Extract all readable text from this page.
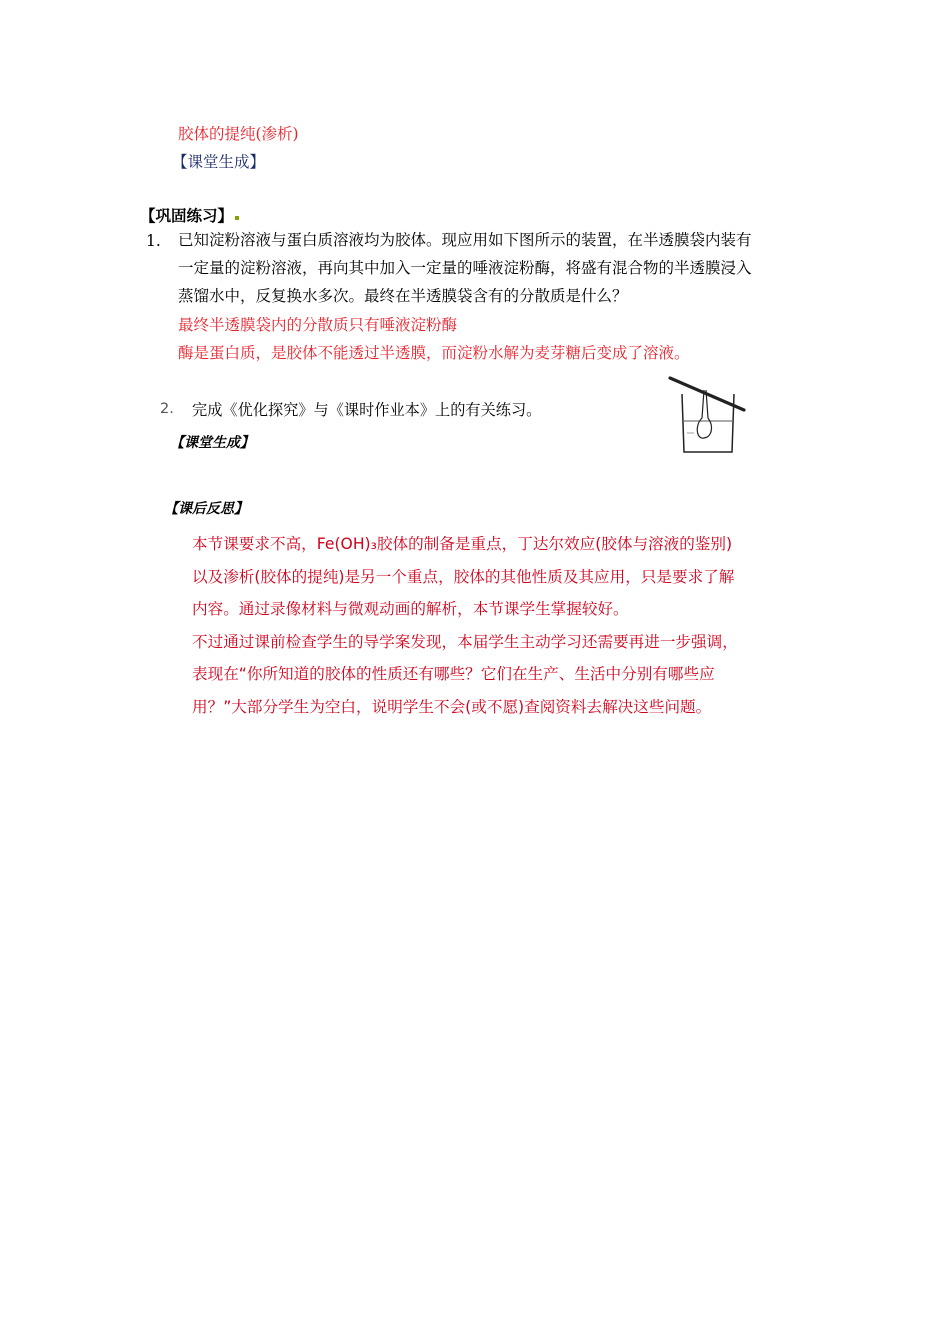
胶体的提纯(渗析)
【课堂生成】
【巩固练习】
1. 已知淀粉溶液与蛋白质溶液均为胶体。现应用如下图所示的装置，在半透膜袋内装有
一定量的淀粉溶液，再向其中加入一定量的唾液淀粉酶，将盛有混合物的半透膜浸入
蒸馏水中，反复换水多次。最终在半透膜袋含有的分散质是什么？
最终半透膜袋内的分散质只有唾液淀粉酶
酶是蛋白质，是胶体不能透过半透膜，而淀粉水解为麦芽糖后变成了溶液。
2. 完成《优化探究》与《课时作业本》上的有关练习。
【课堂生成】
【课后反思】
本节课要求不高，Fe(OH)₃胶体的制备是重点，丁达尔效应(胶体与溶液的鉴别)
以及渗析(胶体的提纯)是另一个重点，胶体的其他性质及其应用，只是要求了解
内容。通过录像材料与微观动画的解析，本节课学生掌握较好。
不过通过课前检查学生的导学案发现，本届学生主动学习还需要再进一步强调，
表现在“你所知道的胶体的性质还有哪些？它们在生产、生活中分别有哪些应
用？”大部分学生为空白，说明学生不会(或不愿)查阅资料去解决这些问题。
